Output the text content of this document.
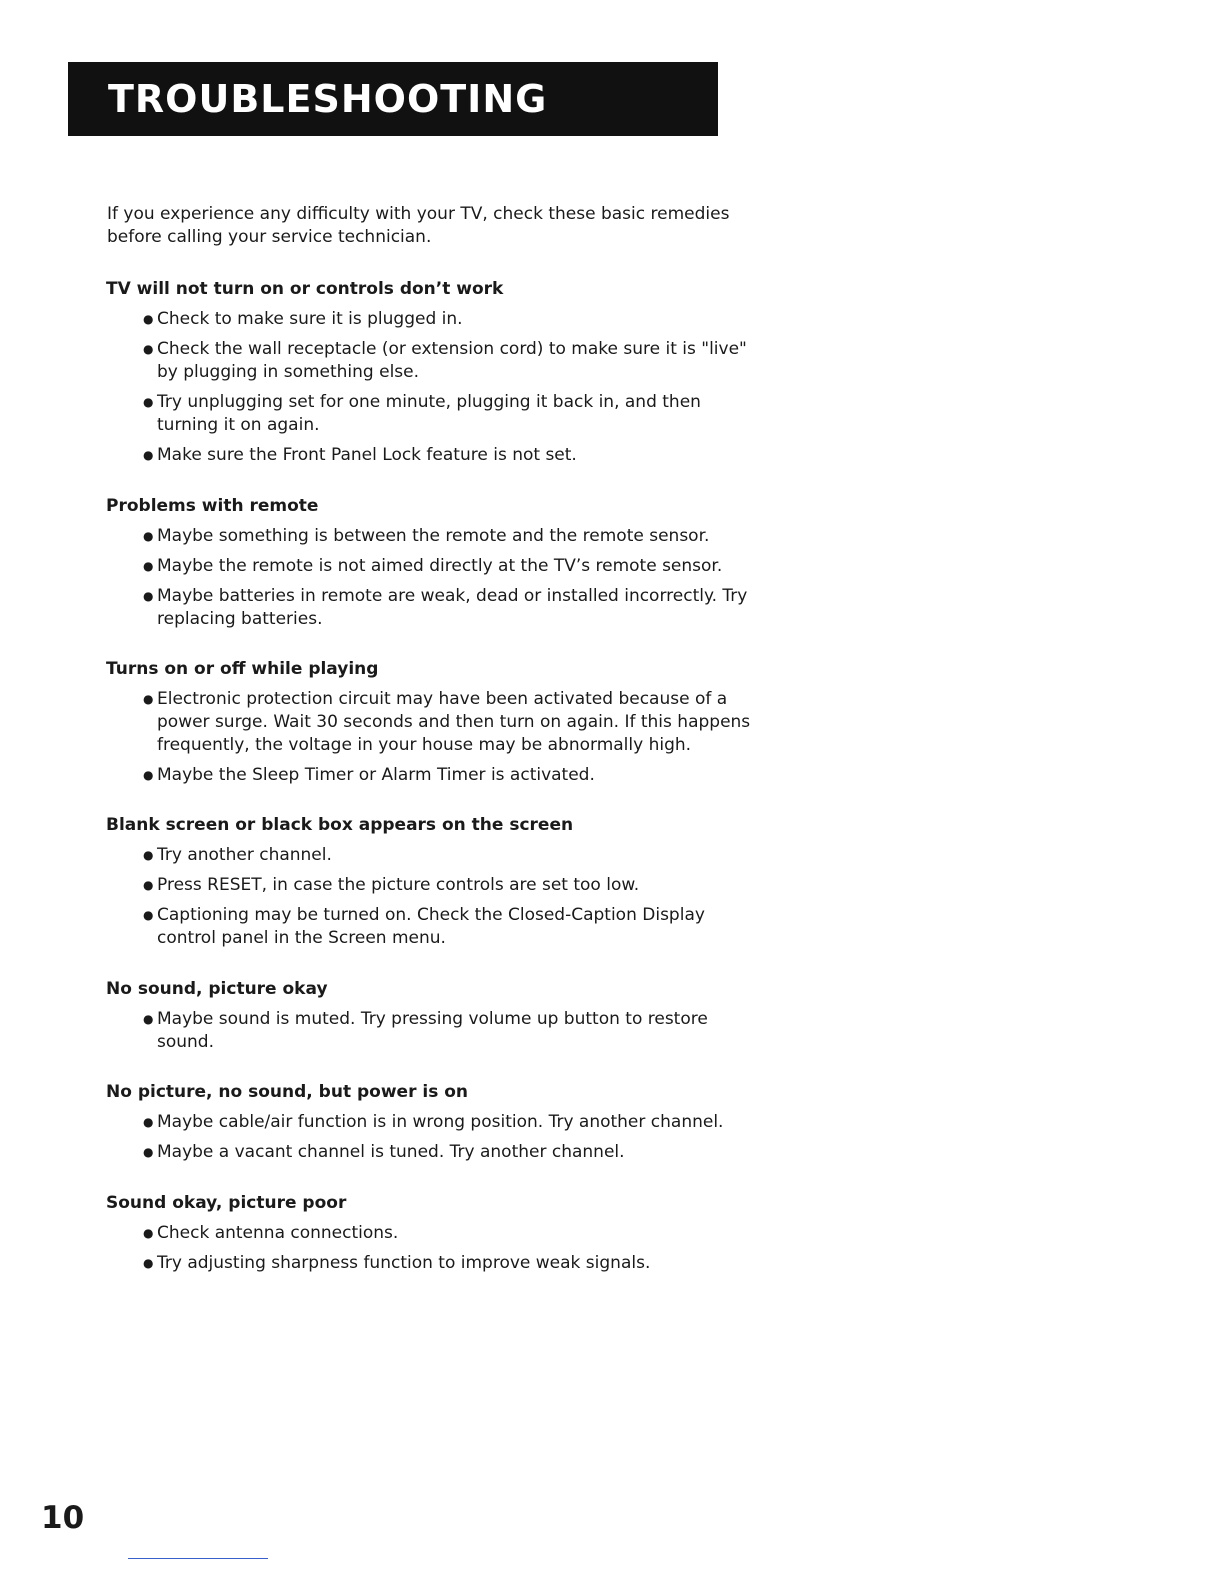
TROUBLESHOOTING

If you experience any difficulty with your TV, check these basic remedies before calling your service technician.

TV will not turn on or controls don’t work
● Check to make sure it is plugged in.
● Check the wall receptacle (or extension cord) to make sure it is "live" by plugging in something else.
● Try unplugging set for one minute, plugging it back in, and then turning it on again.
● Make sure the Front Panel Lock feature is not set.
Problems with remote
● Maybe something is between the remote and the remote sensor.
● Maybe the remote is not aimed directly at the TV’s remote sensor.
● Maybe batteries in remote are weak, dead or installed incorrectly. Try replacing batteries.
Turns on or off while playing
● Electronic protection circuit may have been activated because of a power surge. Wait 30 seconds and then turn on again. If this happens frequently, the voltage in your house may be abnormally high.
● Maybe the Sleep Timer or Alarm Timer is activated.
Blank screen or black box appears on the screen
● Try another channel.
● Press RESET, in case the picture controls are set too low.
● Captioning may be turned on. Check the Closed-Caption Display control panel in the Screen menu.
No sound, picture okay
● Maybe sound is muted. Try pressing volume up button to restore sound.
No picture, no sound, but power is on
● Maybe cable/air function is in wrong position. Try another channel.
● Maybe a vacant channel is tuned. Try another channel.
Sound okay, picture poor
● Check antenna connections.
● Try adjusting sharpness function to improve weak signals.

10
